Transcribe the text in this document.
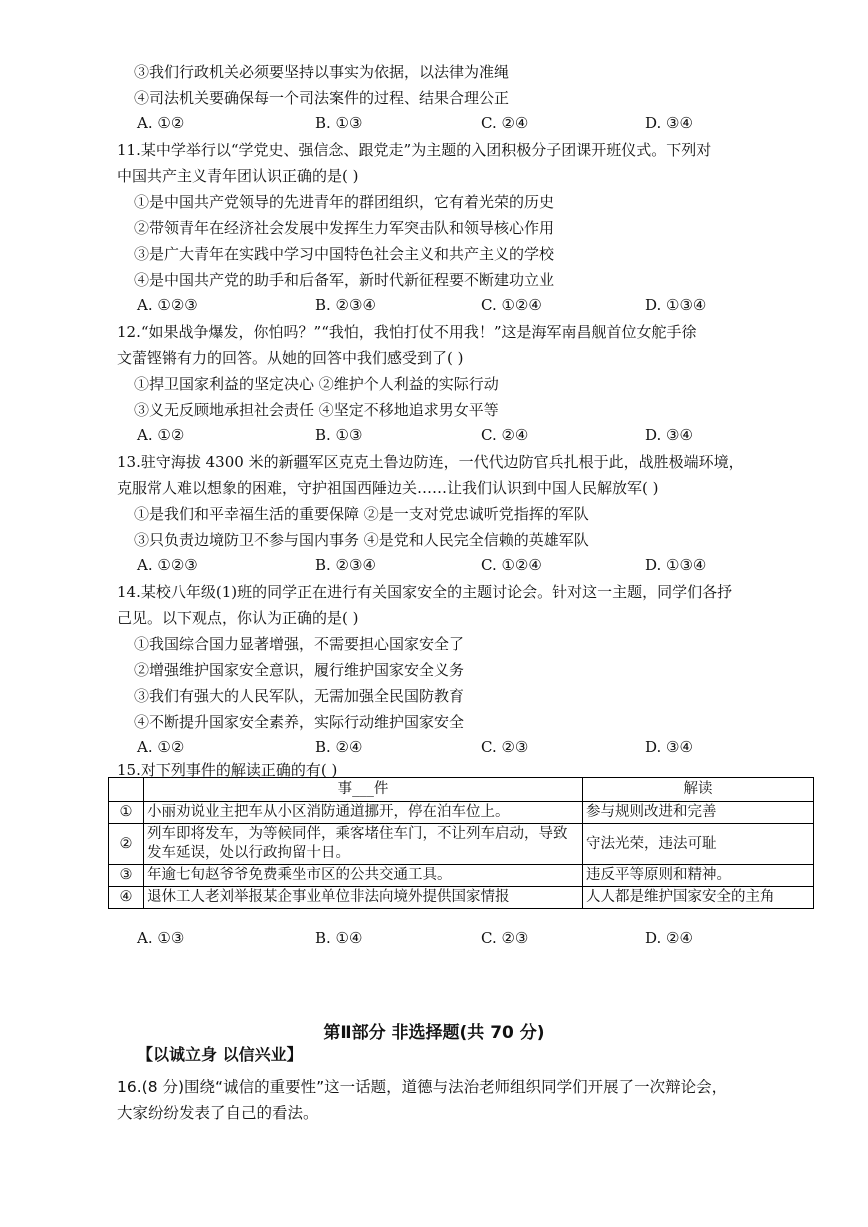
③我们行政机关必须要坚持以事实为依据，以法律为准绳
④司法机关要确保每一个司法案件的过程、结果合理公正
A. ①②	B. ①③	C. ②④	D. ③④
11.某中学举行以“学党史、强信念、跟党走”为主题的入团积极分子团课开班仪式。下列对
中国共产主义青年团认识正确的是( )
①是中国共产党领导的先进青年的群团组织，它有着光荣的历史
②带领青年在经济社会发展中发挥生力军突击队和领导核心作用
③是广大青年在实践中学习中国特色社会主义和共产主义的学校
④是中国共产党的助手和后备军，新时代新征程要不断建功立业
A. ①②③	B. ②③④	C. ①②④	D. ①③④
12.“如果战争爆发，你怕吗？”“我怕，我怕打仗不用我！”这是海军南昌舰首位女舵手徐
文蕾铿锵有力的回答。从她的回答中我们感受到了( )
①捍卫国家利益的坚定决心 ②维护个人利益的实际行动
③义无反顾地承担社会责任 ④坚定不移地追求男女平等
A. ①②	B. ①③	C. ②④	D. ③④
13.驻守海拔 4300 米的新疆军区克克土鲁边防连，一代代边防官兵扎根于此，战胜极端环境，
克服常人难以想象的困难，守护祖国西陲边关……让我们认识到中国人民解放军( )
①是我们和平幸福生活的重要保障 ②是一支对党忠诚听党指挥的军队
③只负责边境防卫不参与国内事务 ④是党和人民完全信赖的英雄军队
A. ①②③	B. ②③④	C. ①②④	D. ①③④
14.某校八年级(1)班的同学正在进行有关国家安全的主题讨论会。针对这一主题，同学们各抒
己见。以下观点，你认为正确的是( )
①我国综合国力显著增强，不需要担心国家安全了
②增强维护国家安全意识，履行维护国家安全义务
③我们有强大的人民军队，无需加强全民国防教育
④不断提升国家安全素养，实际行动维护国家安全
A. ①②	B. ②④	C. ②③	D. ③④
15.对下列事件的解读正确的有( )
	事___件	解读
①	小丽劝说业主把车从小区消防通道挪开，停在泊车位上。	参与规则改进和完善
②	列车即将发车，为等候同伴，乘客堵住车门，不让列车启动，导致发车延误，处以行政拘留十日。	守法光荣，违法可耻
③	年逾七旬赵爷爷免费乘坐市区的公共交通工具。	违反平等原则和精神。
④	退休工人老刘举报某企事业单位非法向境外提供国家情报	人人都是维护国家安全的主角
A. ①③	B. ①④	C. ②③	D. ②④
第Ⅱ部分 非选择题(共 70 分)
【以诚立身 以信兴业】
16.(8 分)围绕“诚信的重要性”这一话题，道德与法治老师组织同学们开展了一次辩论会，
大家纷纷发表了自己的看法。
